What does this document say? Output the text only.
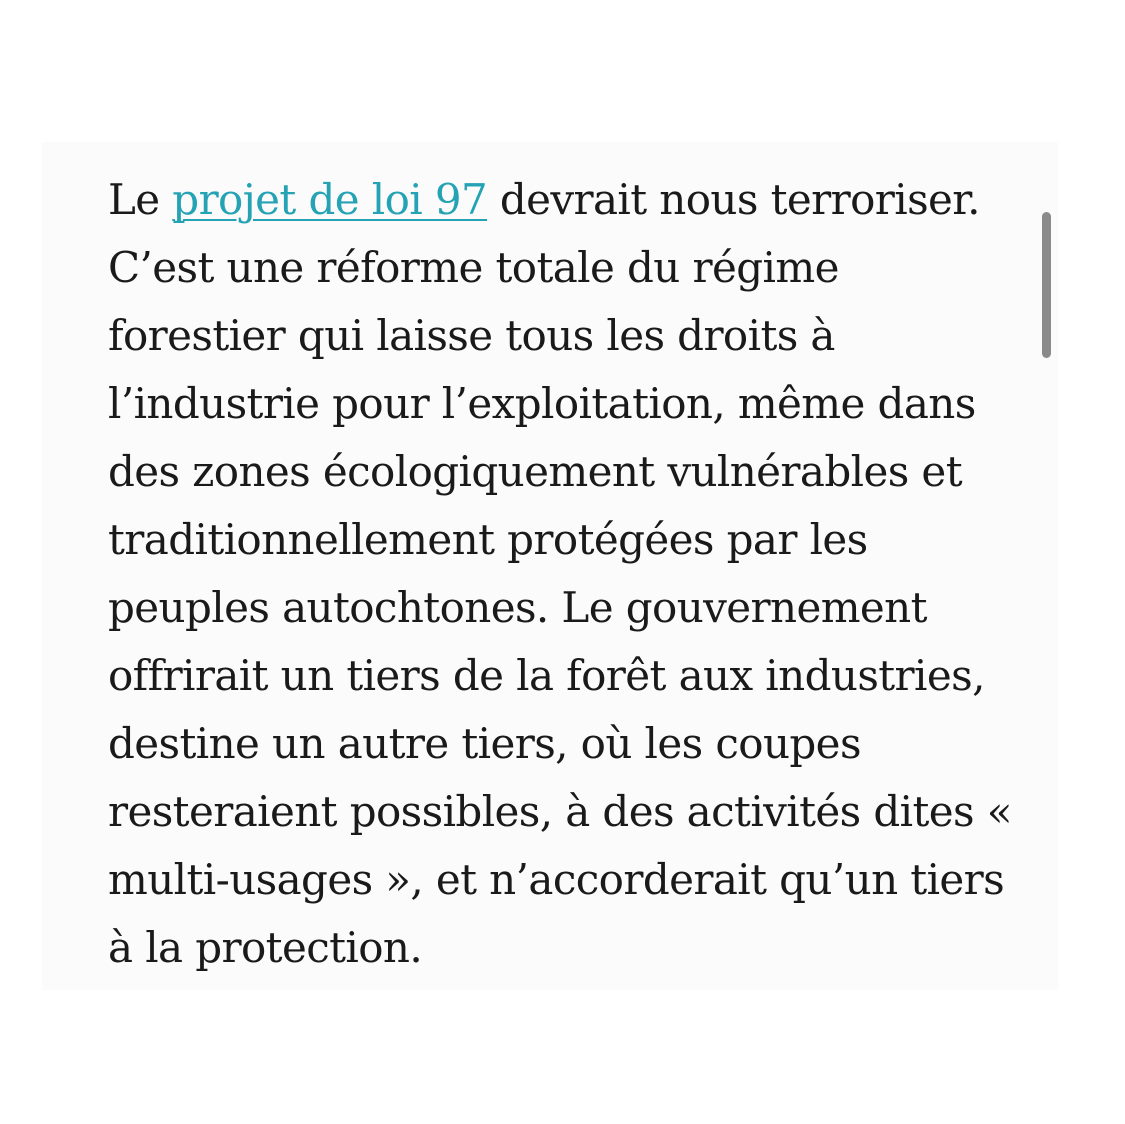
Le projet de loi 97 devrait nous terroriser.
C’est une réforme totale du régime
forestier qui laisse tous les droits à
l’industrie pour l’exploitation, même dans
des zones écologiquement vulnérables et
traditionnellement protégées par les
peuples autochtones. Le gouvernement
offrirait un tiers de la forêt aux industries,
destine un autre tiers, où les coupes
resteraient possibles, à des activités dites «
multi-usages », et n’accorderait qu’un tiers
à la protection.
